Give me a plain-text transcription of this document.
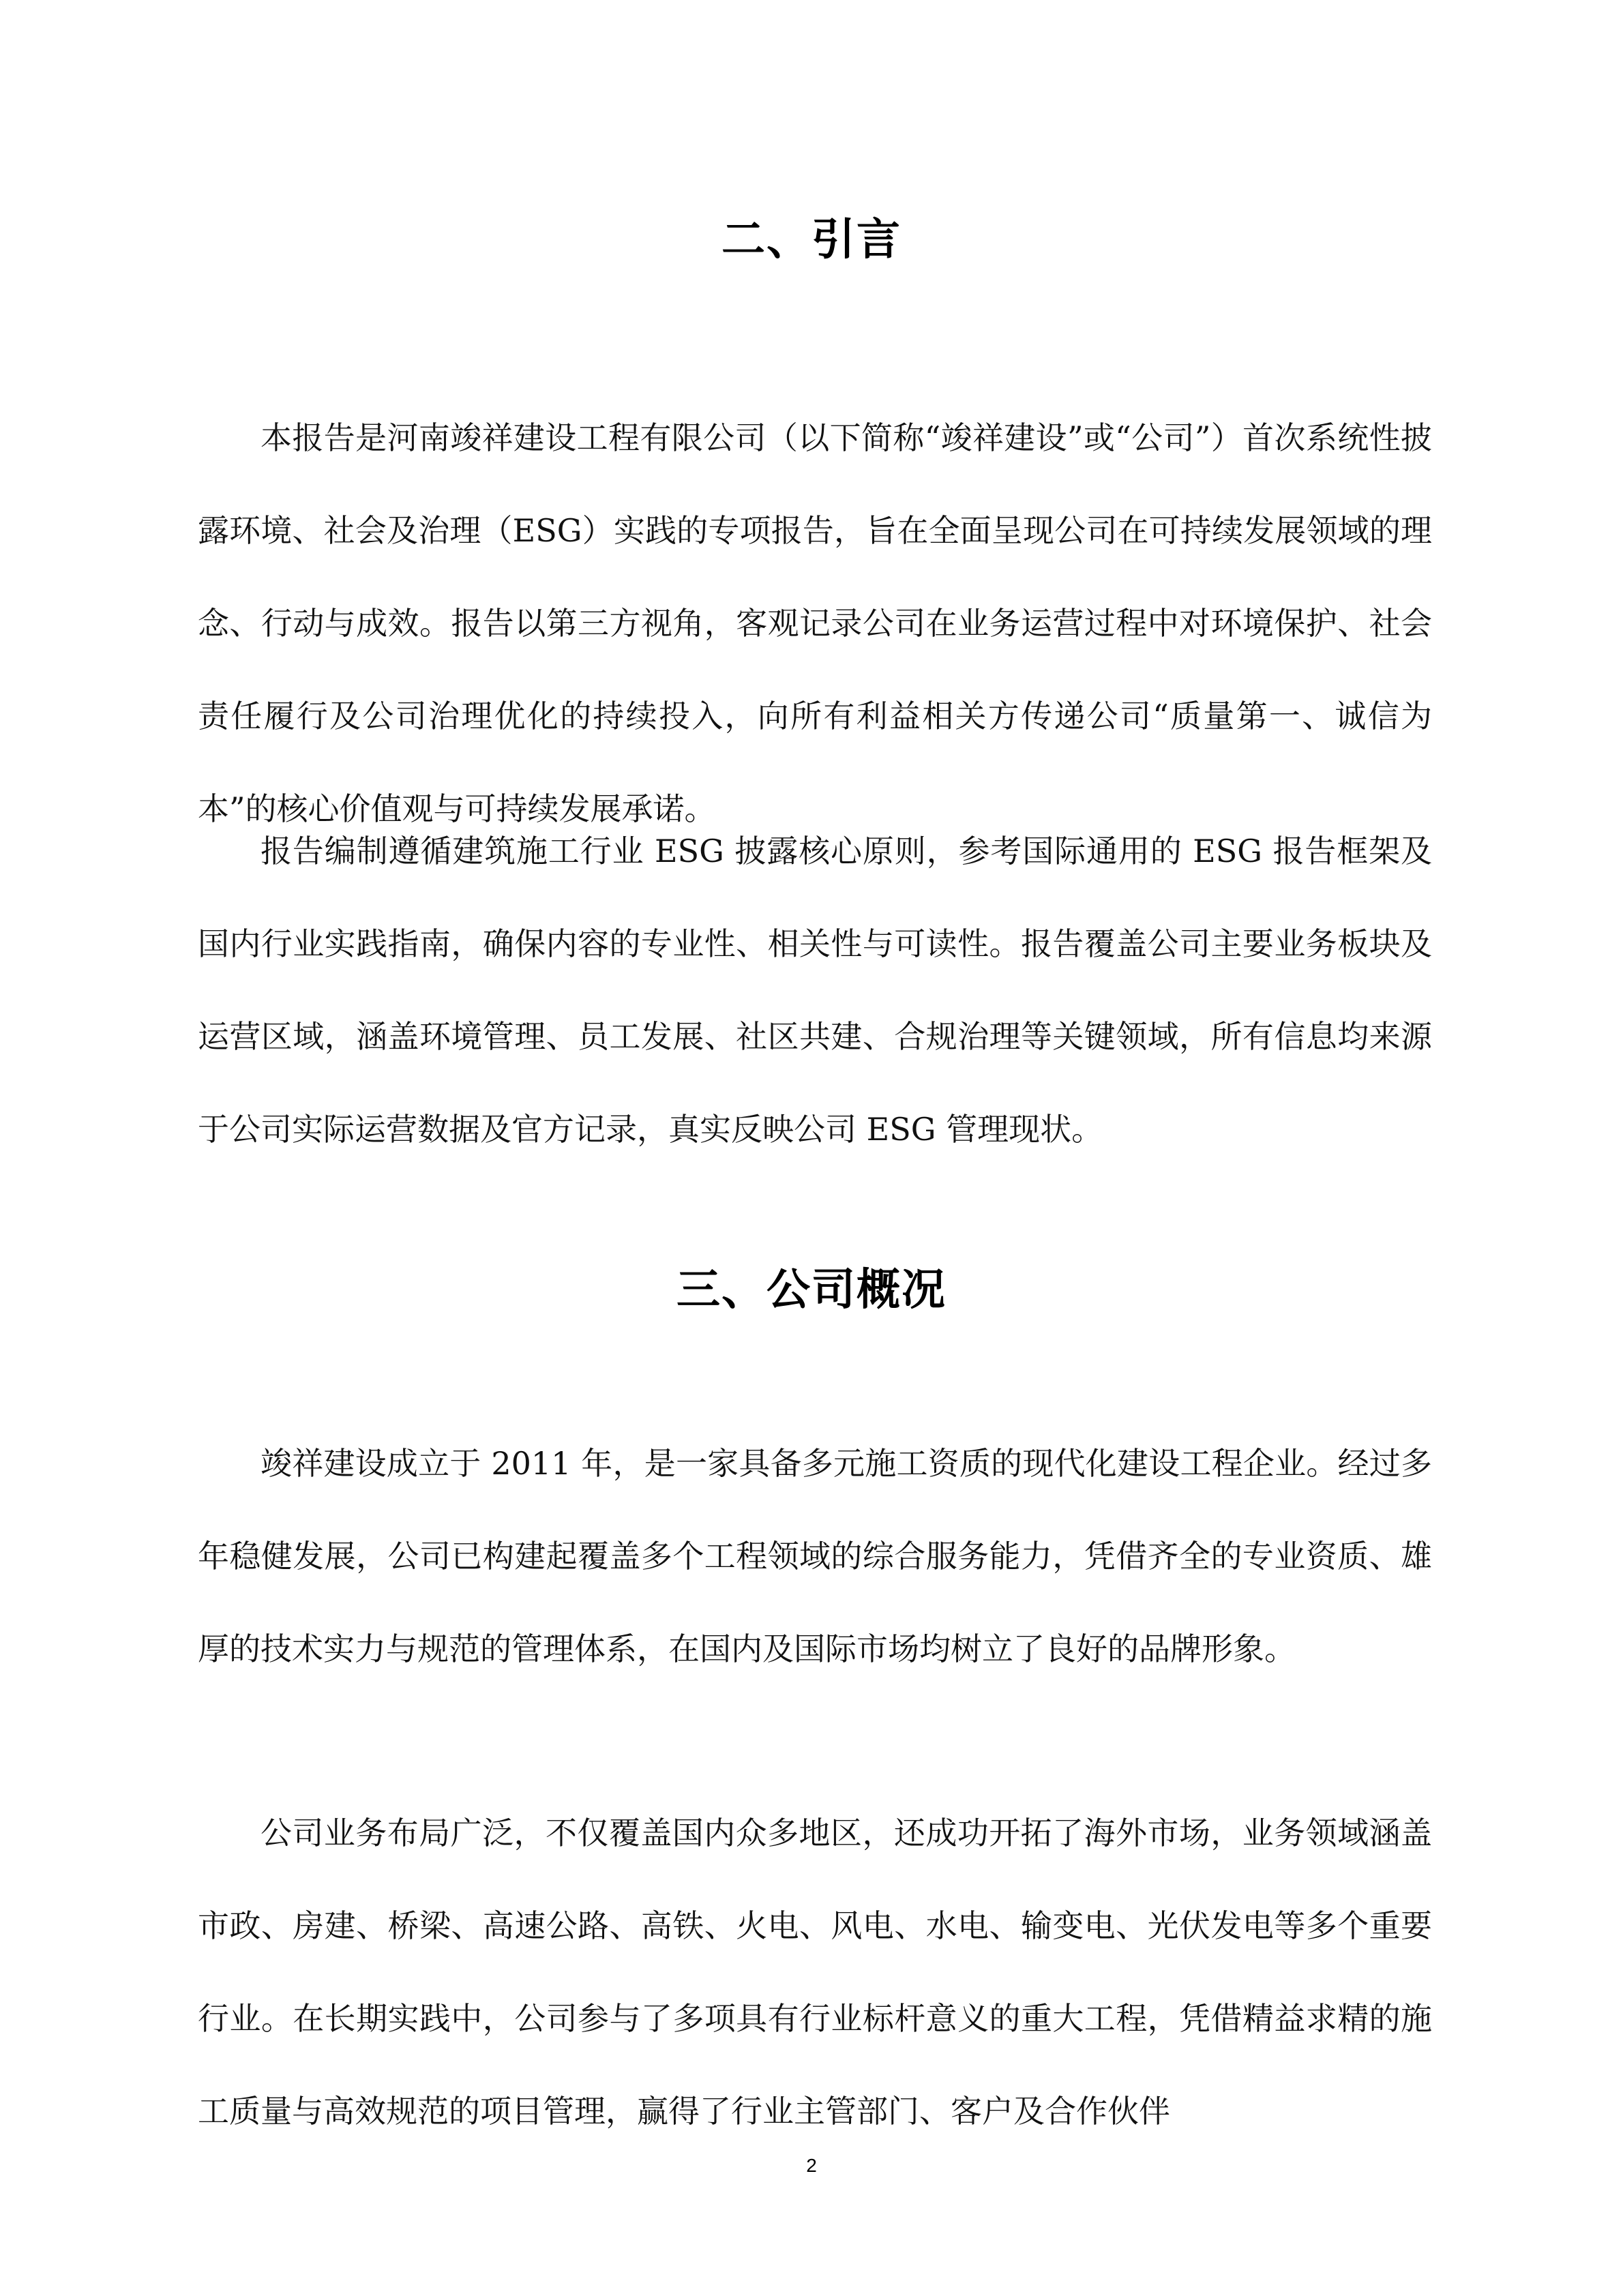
二、引言

本报告是河南竣祥建设工程有限公司（以下简称“竣祥建设”或“公司”）首次系统性披露环境、社会及治理（ESG）实践的专项报告，旨在全面呈现公司在可持续发展领域的理念、行动与成效。报告以第三方视角，客观记录公司在业务运营过程中对环境保护、社会责任履行及公司治理优化的持续投入，向所有利益相关方传递公司“质量第一、诚信为本”的核心价值观与可持续发展承诺。

报告编制遵循建筑施工行业 ESG 披露核心原则，参考国际通用的 ESG 报告框架及国内行业实践指南，确保内容的专业性、相关性与可读性。报告覆盖公司主要业务板块及运营区域，涵盖环境管理、员工发展、社区共建、合规治理等关键领域，所有信息均来源于公司实际运营数据及官方记录，真实反映公司 ESG 管理现状。

三、公司概况

竣祥建设成立于 2011 年，是一家具备多元施工资质的现代化建设工程企业。经过多年稳健发展，公司已构建起覆盖多个工程领域的综合服务能力，凭借齐全的专业资质、雄厚的技术实力与规范的管理体系，在国内及国际市场均树立了良好的品牌形象。

公司业务布局广泛，不仅覆盖国内众多地区，还成功开拓了海外市场，业务领域涵盖市政、房建、桥梁、高速公路、高铁、火电、风电、水电、输变电、光伏发电等多个重要行业。在长期实践中，公司参与了多项具有行业标杆意义的重大工程，凭借精益求精的施工质量与高效规范的项目管理，赢得了行业主管部门、客户及合作伙伴

2
